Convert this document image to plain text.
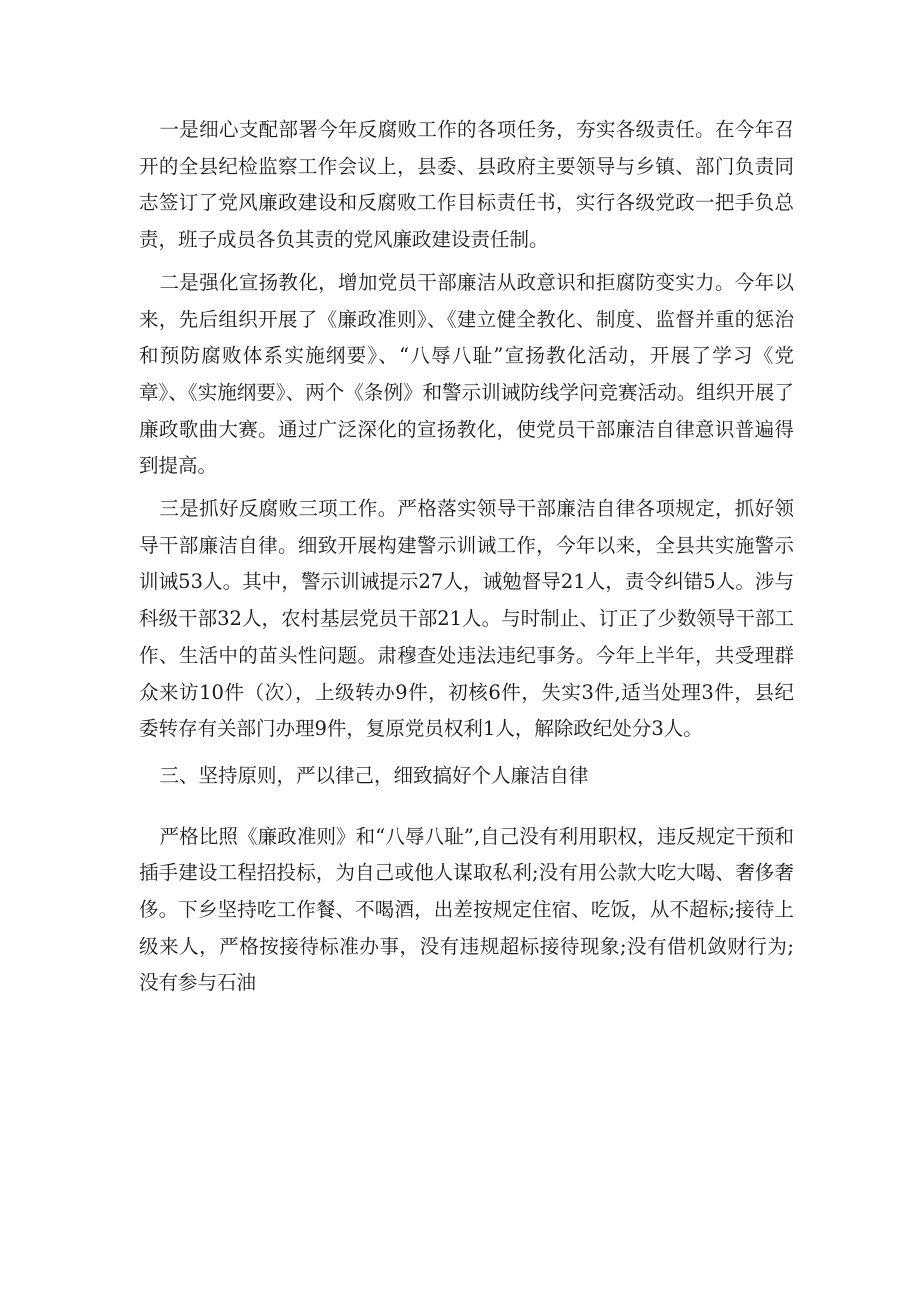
一是细心支配部署今年反腐败工作的各项任务，夯实各级责任。在今年召开的全县纪检监察工作会议上，县委、县政府主要领导与乡镇、部门负责同志签订了党风廉政建设和反腐败工作目标责任书，实行各级党政一把手负总责，班子成员各负其责的党风廉政建设责任制。

二是强化宣扬教化，增加党员干部廉洁从政意识和拒腐防变实力。今年以来，先后组织开展了《廉政准则》、《建立健全教化、制度、监督并重的惩治和预防腐败体系实施纲要》、“八辱八耻”宣扬教化活动，开展了学习《党章》、《实施纲要》、两个《条例》和警示训诫防线学问竞赛活动。组织开展了廉政歌曲大赛。通过广泛深化的宣扬教化，使党员干部廉洁自律意识普遍得到提高。

三是抓好反腐败三项工作。严格落实领导干部廉洁自律各项规定，抓好领导干部廉洁自律。细致开展构建警示训诫工作，今年以来，全县共实施警示训诫53人。其中，警示训诫提示27人，诫勉督导21人，责令纠错5人。涉与科级干部32人，农村基层党员干部21人。与时制止、订正了少数领导干部工作、生活中的苗头性问题。肃穆查处违法违纪事务。今年上半年，共受理群众来访10件（次），上级转办9件，初核6件，失实3件,适当处理3件，县纪委转存有关部门办理9件，复原党员权利1人，解除政纪处分3人。

三、坚持原则，严以律己，细致搞好个人廉洁自律

严格比照《廉政准则》和“八辱八耻”,自己没有利用职权，违反规定干预和插手建设工程招投标，为自己或他人谋取私利;没有用公款大吃大喝、奢侈奢侈。下乡坚持吃工作餐、不喝酒，出差按规定住宿、吃饭，从不超标;接待上级来人，严格按接待标准办事，没有违规超标接待现象;没有借机敛财行为;没有参与石油
